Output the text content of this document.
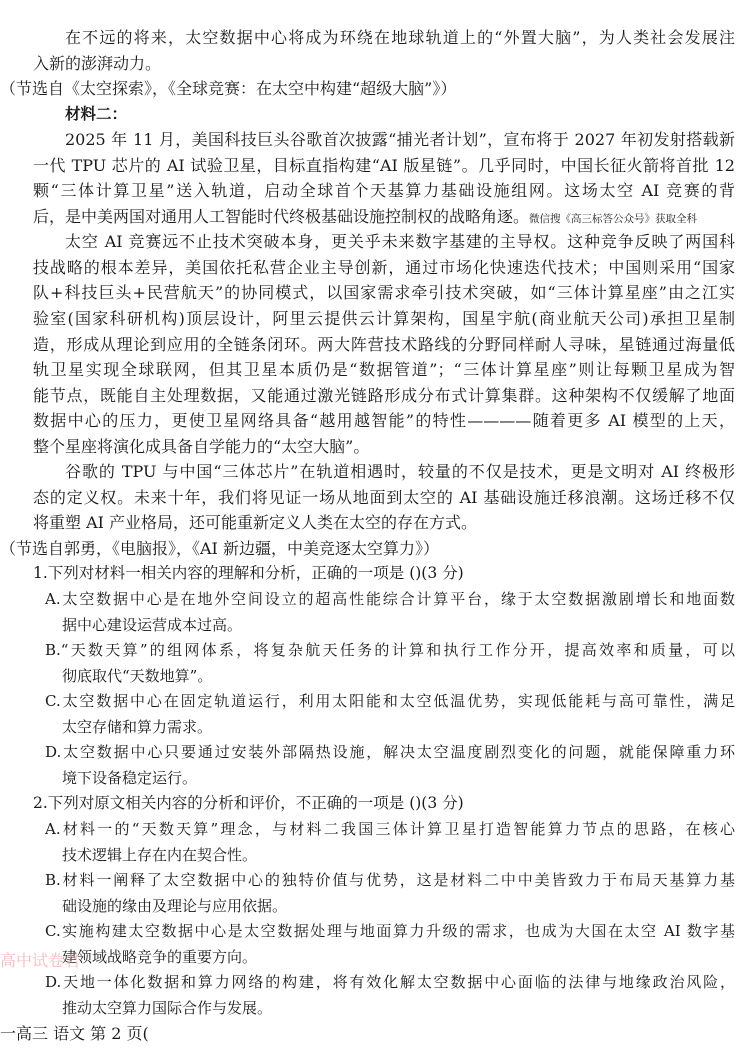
在不远的将来，太空数据中心将成为环绕在地球轨道上的“外置大脑”，为人类社会发展注
入新的澎湃动力。
（节选自《太空探索》，《全球竞赛：在太空中构建“超级大脑”》）
材料二：
2025 年 11 月，美国科技巨头谷歌首次披露“捕光者计划”，宣布将于 2027 年初发射搭载新
一代 TPU 芯片的 AI 试验卫星，目标直指构建“AI 版星链”。几乎同时，中国长征火箭将首批 12
颗“三体计算卫星”送入轨道，启动全球首个天基算力基础设施组网。这场太空 AI 竞赛的背
后，是中美两国对通用人工智能时代终极基础设施控制权的战略角逐。微信搜《高三标答公众号》获取全科
太空 AI 竞赛远不止技术突破本身，更关乎未来数字基建的主导权。这种竞争反映了两国科
技战略的根本差异，美国依托私营企业主导创新，通过市场化快速迭代技术；中国则采用“国家
队+科技巨头+民营航天”的协同模式，以国家需求牵引技术突破，如“三体计算星座”由之江实
验室(国家科研机构)顶层设计，阿里云提供云计算架构，国星宇航(商业航天公司)承担卫星制
造，形成从理论到应用的全链条闭环。两大阵营技术路线的分野同样耐人寻味，星链通过海量低
轨卫星实现全球联网，但其卫星本质仍是“数据管道”；“三体计算星座”则让每颗卫星成为智
能节点，既能自主处理数据，又能通过激光链路形成分布式计算集群。这种架构不仅缓解了地面
数据中心的压力，更使卫星网络具备“越用越智能”的特性————随着更多 AI 模型的上天，
整个星座将演化成具备自学能力的“太空大脑”。
谷歌的 TPU 与中国“三体芯片”在轨道相遇时，较量的不仅是技术，更是文明对 AI 终极形
态的定义权。未来十年，我们将见证一场从地面到太空的 AI 基础设施迁移浪潮。这场迁移不仅
将重塑 AI 产业格局，还可能重新定义人类在太空的存在方式。
（节选自郭勇，《电脑报》，《AI 新边疆，中美竞逐太空算力》）
1.下列对材料一相关内容的理解和分析，正确的一项是 ()(3 分)
A.太空数据中心是在地外空间设立的超高性能综合计算平台，缘于太空数据激剧增长和地面数
据中心建设运营成本过高。
B.“天数天算”的组网体系，将复杂航天任务的计算和执行工作分开，提高效率和质量，可以
彻底取代“天数地算”。
C.太空数据中心在固定轨道运行，利用太阳能和太空低温优势，实现低能耗与高可靠性，满足
太空存储和算力需求。
D.太空数据中心只要通过安装外部隔热设施，解决太空温度剧烈变化的问题，就能保障重力环
境下设备稳定运行。
2.下列对原文相关内容的分析和评价，不正确的一项是 ()(3 分)
A.材料一的“天数天算”理念，与材料二我国三体计算卫星打造智能算力节点的思路，在核心
技术逻辑上存在内在契合性。
B.材料一阐释了太空数据中心的独特价值与优势，这是材料二中中美皆致力于布局天基算力基
础设施的缘由及理论与应用依据。
C.实施构建太空数据中心是太空数据处理与地面算力升级的需求，也成为大国在太空 AI 数字基
建领域战略竞争的重要方向。
D.天地一体化数据和算力网络的构建，将有效化解太空数据中心面临的法律与地缘政治风险，
推动太空算力国际合作与发展。
一高三 语文 第 2 页(
高中试卷君
